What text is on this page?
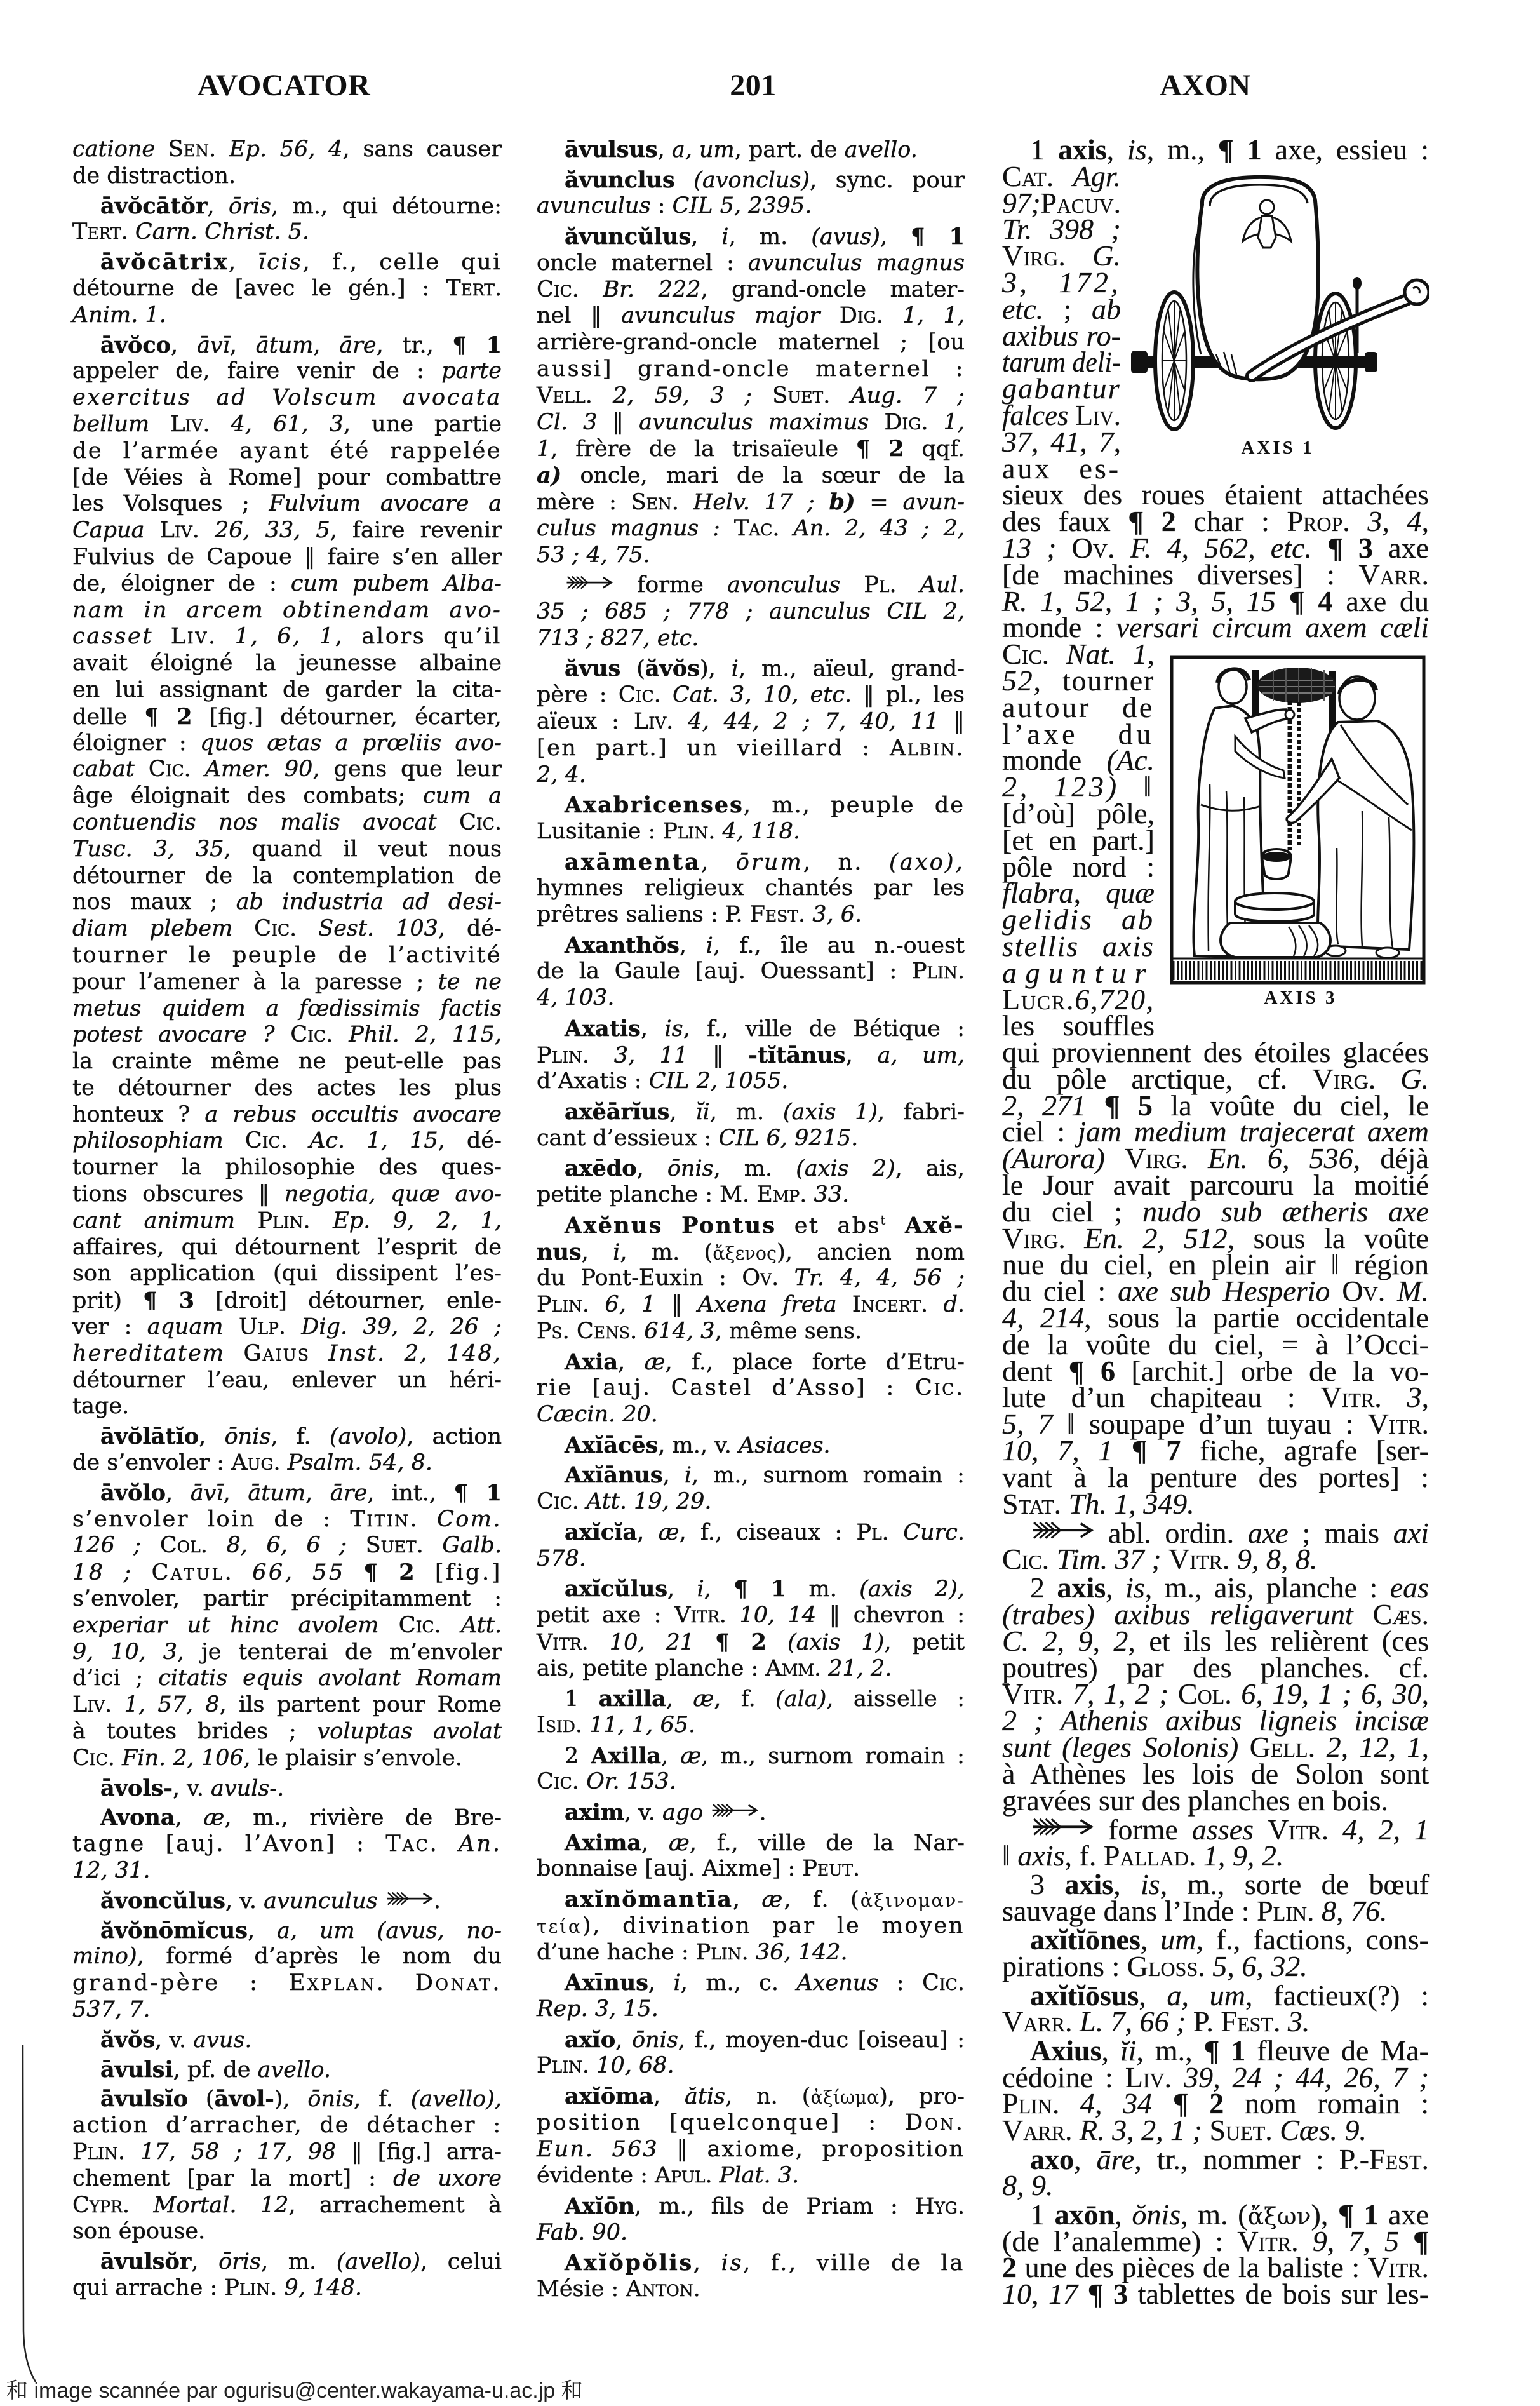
AVOCATOR	201	AXON
catione Sen. Ep. 56, 4, sans causer
de distraction.
āvŏcātŏr, ōris, m., qui détourne:
Tert. Carn. Christ. 5.
āvŏcātrix, īcis, f., celle qui
détourne de [avec le gén.] : Tert.
Anim. 1.
āvŏco, āvī, ātum, āre, tr., ¶ 1
appeler de, faire venir de : parte
exercitus ad Volscum avocata
bellum Liv. 4, 61, 3, une partie
de l’armée ayant été rappelée
[de Véies à Rome] pour combattre
les Volsques ; Fulvium avocare a
Capua Liv. 26, 33, 5, faire revenir
Fulvius de Capoue ‖ faire s’en aller
de, éloigner de : cum pubem Alba-
nam in arcem obtinendam avo-
casset Liv. 1, 6, 1, alors qu’il
avait éloigné la jeunesse albaine
en lui assignant de garder la cita-
delle ¶ 2 [fig.] détourner, écarter,
éloigner : quos ætas a prœliis avo-
cabat Cic. Amer. 90, gens que leur
âge éloignait des combats; cum a
contuendis nos malis avocat Cic.
Tusc. 3, 35, quand il veut nous
détourner de la contemplation de
nos maux ; ab industria ad desi-
diam plebem Cic. Sest. 103, dé-
tourner le peuple de l’activité
pour l’amener à la paresse ; te ne
metus quidem a fœdissimis factis
potest avocare ? Cic. Phil. 2, 115,
la crainte même ne peut-elle pas
te détourner des actes les plus
honteux ? a rebus occultis avocare
philosophiam Cic. Ac. 1, 15, dé-
tourner la philosophie des ques-
tions obscures ‖ negotia, quæ avo-
cant animum Plin. Ep. 9, 2, 1,
affaires, qui détournent l’esprit de
son application (qui dissipent l’es-
prit) ¶ 3 [droit] détourner, enle-
ver : aquam Ulp. Dig. 39, 2, 26 ;
hereditatem Gaius Inst. 2, 148,
détourner l’eau, enlever un héri-
tage.
āvŏlātĭo, ōnis, f. (avolo), action
de s’envoler : Aug. Psalm. 54, 8.
āvŏlo, āvī, ātum, āre, int., ¶ 1
s’envoler loin de : Titin. Com.
126 ; Col. 8, 6, 6 ; Suet. Galb.
18 ; Catul. 66, 55 ¶ 2 [fig.]
s’envoler, partir précipitamment :
experiar ut hinc avolem Cic. Att.
9, 10, 3, je tenterai de m’envoler
d’ici ; citatis equis avolant Romam
Liv. 1, 57, 8, ils partent pour Rome
à toutes brides ; voluptas avolat
Cic. Fin. 2, 106, le plaisir s’envole.
āvols-, v. avuls-.
Avona, æ, m., rivière de Bre-
tagne [auj. l’Avon] : Tac. An.
12, 31.
ăvoncŭlus, v. avunculus	.
ăvŏnōmĭcus, a, um (avus, no-
mino), formé d’après le nom du
grand-père : Explan. Donat.
537, 7.
ăvŏs, v. avus.
āvulsi, pf. de avello.
āvulsĭo (āvol-), ōnis, f. (avello),
action d’arracher, de détacher :
Plin. 17, 58 ; 17, 98 ‖ [fig.] arra-
chement [par la mort] : de uxore
Cypr. Mortal. 12, arrachement à
son épouse.
āvulsŏr, ōris, m. (avello), celui
qui arrache : Plin. 9, 148.
āvulsus, a, um, part. de avello.
ăvunclus (avonclus), sync. pour
avunculus : CIL 5, 2395.
ăvuncŭlus, i, m. (avus), ¶ 1
oncle maternel : avunculus magnus
Cic. Br. 222, grand-oncle mater-
nel ‖ avunculus major Dig. 1, 1,
arrière-grand-oncle maternel ; [ou
aussi] grand-oncle maternel :
Vell. 2, 59, 3 ; Suet. Aug. 7 ;
Cl. 3 ‖ avunculus maximus Dig. 1,
1, frère de la trisaïeule ¶ 2 qqf.
a) oncle, mari de la sœur de la
mère : Sen. Helv. 17 ; b) = avun-
culus magnus : Tac. An. 2, 43 ; 2,
53 ; 4, 75.
forme avonculus Pl. Aul.
35 ; 685 ; 778 ; aunculus CIL 2,
713 ; 827, etc.
ăvus (ăvŏs), i, m., aïeul, grand-
père : Cic. Cat. 3, 10, etc. ‖ pl., les
aïeux : Liv. 4, 44, 2 ; 7, 40, 11 ‖
[en part.] un vieillard : Albin.
2, 4.
Axabricenses, m., peuple de
Lusitanie : Plin. 4, 118.
axāmenta, ōrum, n. (axo),
hymnes religieux chantés par les
prêtres saliens : P. Fest. 3, 6.
Axanthŏs, i, f., île au n.-ouest
de la Gaule [auj. Ouessant] : Plin.
4, 103.
Axatis, is, f., ville de Bétique :
Plin. 3, 11 ‖ -tĭtānus, a, um,
d’Axatis : CIL 2, 1055.
axĕārĭus, ĭi, m. (axis 1), fabri-
cant d’essieux : CIL 6, 9215.
axēdo, ōnis, m. (axis 2), ais,
petite planche : M. Emp. 33.
Axĕnus Pontus et abs$^t$ Axĕ-
nus, i, m. (ἄξενος), ancien nom
du Pont-Euxin : Ov. Tr. 4, 4, 56 ;
Plin. 6, 1 ‖ Axena freta Incert. d.
Ps. Cens. 614, 3, même sens.
Axia, æ, f., place forte d’Etru-
rie [auj. Castel d’Asso] : Cic.
Cæcin. 20.
Axĭācēs, m., v. Asiaces.
Axĭānus, i, m., surnom romain :
Cic. Att. 19, 29.
axĭcĭa, æ, f., ciseaux : Pl. Curc.
578.
axĭcŭlus, i, ¶ 1 m. (axis 2),
petit axe : Vitr. 10, 14 ‖ chevron :
Vitr. 10, 21 ¶ 2 (axis 1), petit
ais, petite planche : Amm. 21, 2.
1 axilla, æ, f. (ala), aisselle :
Isid. 11, 1, 65.
2 Axilla, æ, m., surnom romain :
Cic. Or. 153.
axim, v. ago	.
Axima, æ, f., ville de la Nar-
bonnaise [auj. Aixme] : Peut.
axĭnŏmantīa, æ, f. (ἀξινομαν-
τεία), divination par le moyen
d’une hache : Plin. 36, 142.
Axīnus, i, m., c. Axenus : Cic.
Rep. 3, 15.
axĭo, ōnis, f., moyen-duc [oiseau] :
Plin. 10, 68.
axĭōma, ătis, n. (ἀξίωμα), pro-
position [quelconque] : Don.
Eun. 563 ‖ axiome, proposition
évidente : Apul. Plat. 3.
Axĭōn, m., fils de Priam : Hyg.
Fab. 90.
Axĭŏpŏlis, is, f., ville de la
Mésie : Anton.
1 axis, is, m., ¶ 1 axe, essieu :
Cat. Agr.
97;Pacuv.
Tr. 398 ;
Virg. G.
3, 172,
etc. ; ab
axibus ro-
tarum deli-
gabantur
falces Liv.
37, 41, 7,
aux es-
sieux des roues étaient attachées
des faux ¶ 2 char : Prop. 3, 4,
13 ; Ov. F. 4, 562, etc. ¶ 3 axe
[de machines diverses] : Varr.
R. 1, 52, 1 ; 3, 5, 15 ¶ 4 axe du
monde : versari circum axem cæli
Cic. Nat. 1,
52, tourner
autour de
l’axe du
monde (Ac.
2, 123) ‖
[d’où] pôle,
[et en part.]
pôle nord :
flabra, quæ
gelidis ab
stellis axis
aguntur
Lucr.6,720,
les souffles
qui proviennent des étoiles glacées
du pôle arctique, cf. Virg. G.
2, 271 ¶ 5 la voûte du ciel, le
ciel : jam medium trajecerat axem
(Aurora) Virg. En. 6, 536, déjà
le Jour avait parcouru la moitié
du ciel ; nudo sub ætheris axe
Virg. En. 2, 512, sous la voûte
nue du ciel, en plein air ‖ région
du ciel : axe sub Hesperio Ov. M.
4, 214, sous la partie occidentale
de la voûte du ciel, = à l’Occi-
dent ¶ 6 [archit.] orbe de la vo-
lute d’un chapiteau : Vitr. 3,
5, 7 ‖ soupape d’un tuyau : Vitr.
10, 7, 1 ¶ 7 fiche, agrafe [ser-
vant à la penture des portes] :
Stat. Th. 1, 349.
abl. ordin. axe ; mais axi
Cic. Tim. 37 ; Vitr. 9, 8, 8.
2 axis, is, m., ais, planche : eas
(trabes) axibus religaverunt Cæs.
C. 2, 9, 2, et ils les relièrent (ces
poutres) par des planches. cf.
Vitr. 7, 1, 2 ; Col. 6, 19, 1 ; 6, 30,
2 ; Athenis axibus ligneis incisæ
sunt (leges Solonis) Gell. 2, 12, 1,
à Athènes les lois de Solon sont
gravées sur des planches en bois.
forme asses Vitr. 4, 2, 1
‖ axis, f. Pallad. 1, 9, 2.
3 axis, is, m., sorte de bœuf
sauvage dans l’Inde : Plin. 8, 76.
axĭtĭōnes, um, f., factions, cons-
pirations : Gloss. 5, 6, 32.
axĭtĭōsus, a, um, factieux(?) :
Varr. L. 7, 66 ; P. Fest. 3.
Axius, ĭi, m., ¶ 1 fleuve de Ma-
cédoine : Liv. 39, 24 ; 44, 26, 7 ;
Plin. 4, 34 ¶ 2 nom romain :
Varr. R. 3, 2, 1 ; Suet. Cæs. 9.
axo, āre, tr., nommer : P.-Fest.
8, 9.
1 axōn, ŏnis, m. (ἄξων), ¶ 1 axe
(de l’analemme) : Vitr. 9, 7, 5 ¶
2 une des pièces de la baliste : Vitr.
10, 17 ¶ 3 tablettes de bois sur les-
AXIS 1
AXIS 3
和 image scannée par ogurisu@center.wakayama-u.ac.jp 和
